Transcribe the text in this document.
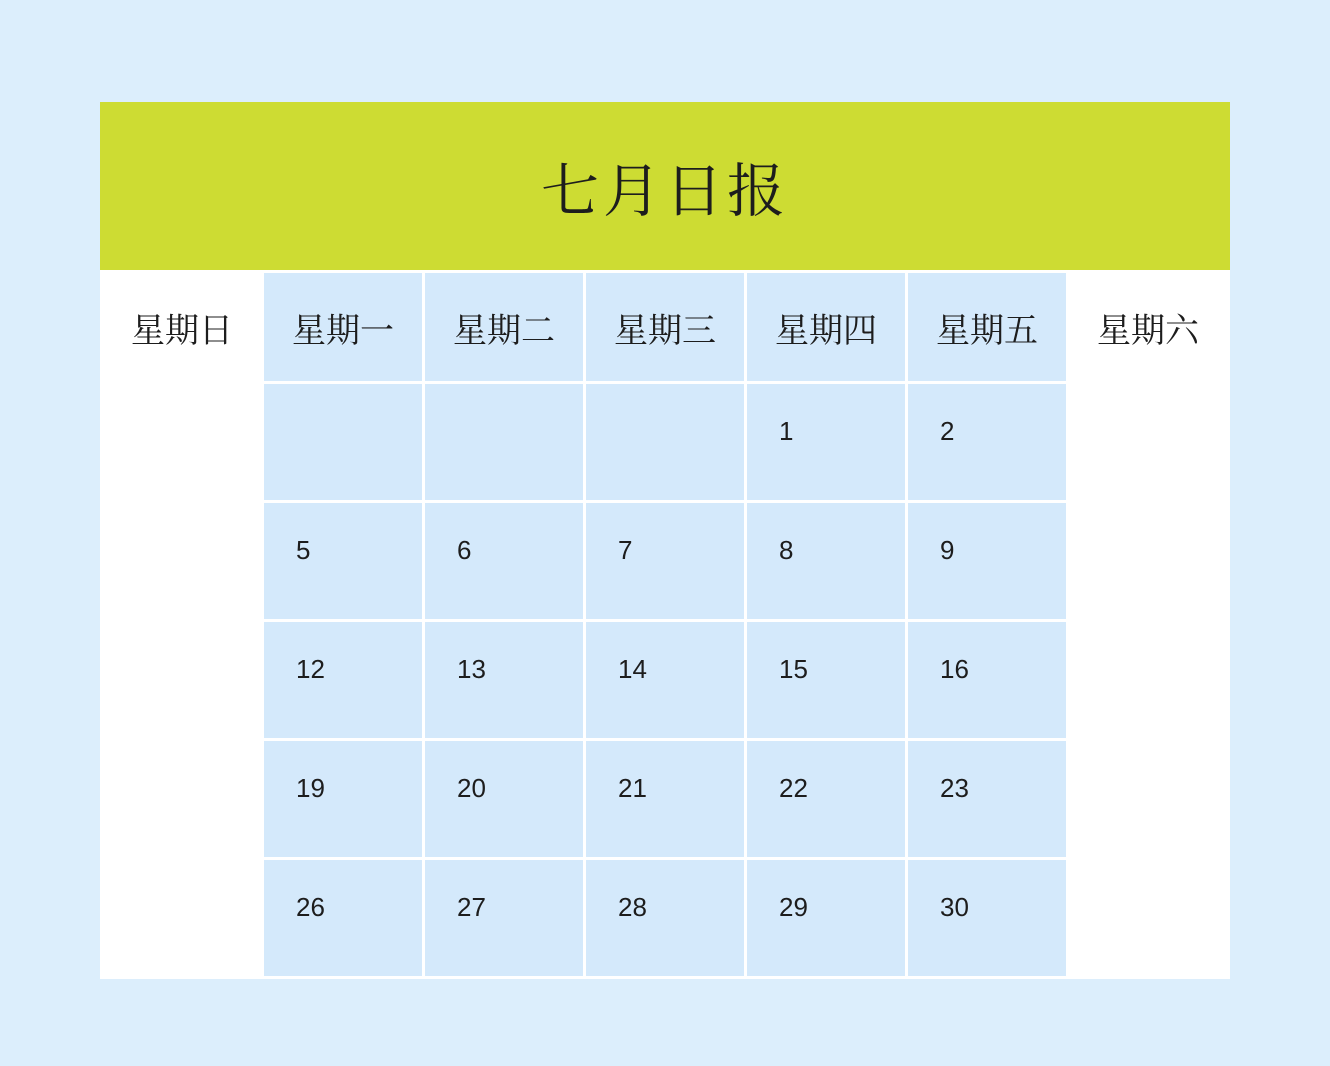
七月日报
星期日	星期一	星期二	星期三	星期四	星期五	星期六

				1	2	

	5	6	7	8	9	

	12	13	14	15	16	

	19	20	21	22	23	

	26	27	28	29	30	
